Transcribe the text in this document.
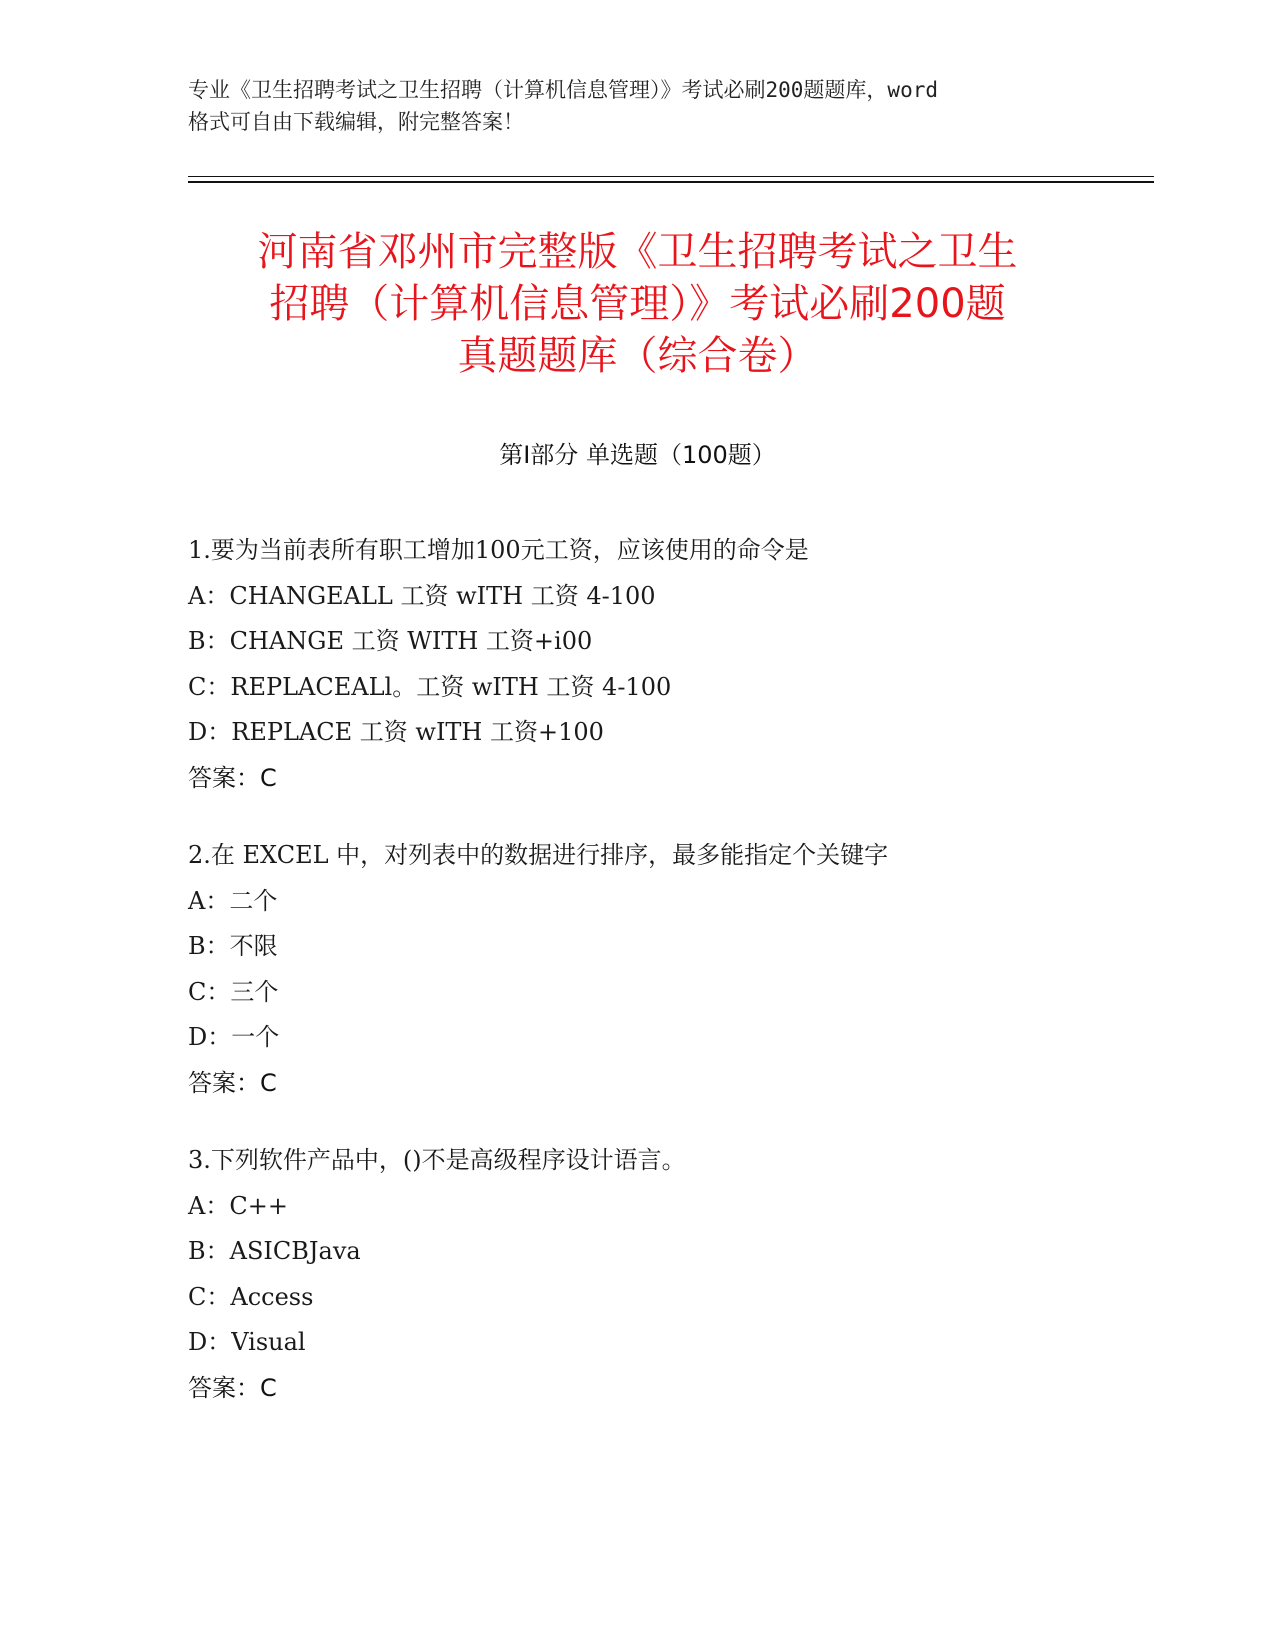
专业《卫生招聘考试之卫生招聘（计算机信息管理）》考试必刷200题题库，word
格式可自由下载编辑，附完整答案！
河南省邓州市完整版《卫生招聘考试之卫生
招聘（计算机信息管理）》考试必刷200题
真题题库（综合卷）
第Ⅰ部分 单选题（100题）
1.要为当前表所有职工增加100元工资，应该使用的命令是
A：CHANGEALL 工资 wITH 工资 4-100
B：CHANGE 工资 WITH 工资+i00
C：REPLACEALl。工资 wITH 工资 4-100
D：REPLACE 工资 wITH 工资+100
答案：C
2.在 EXCEL 中，对列表中的数据进行排序，最多能指定个关键字
A：二个
B：不限
C：三个
D：一个
答案：C
3.下列软件产品中，()不是高级程序设计语言。
A：C++
B：ASICBJava
C：Access
D：Visual
答案：C
